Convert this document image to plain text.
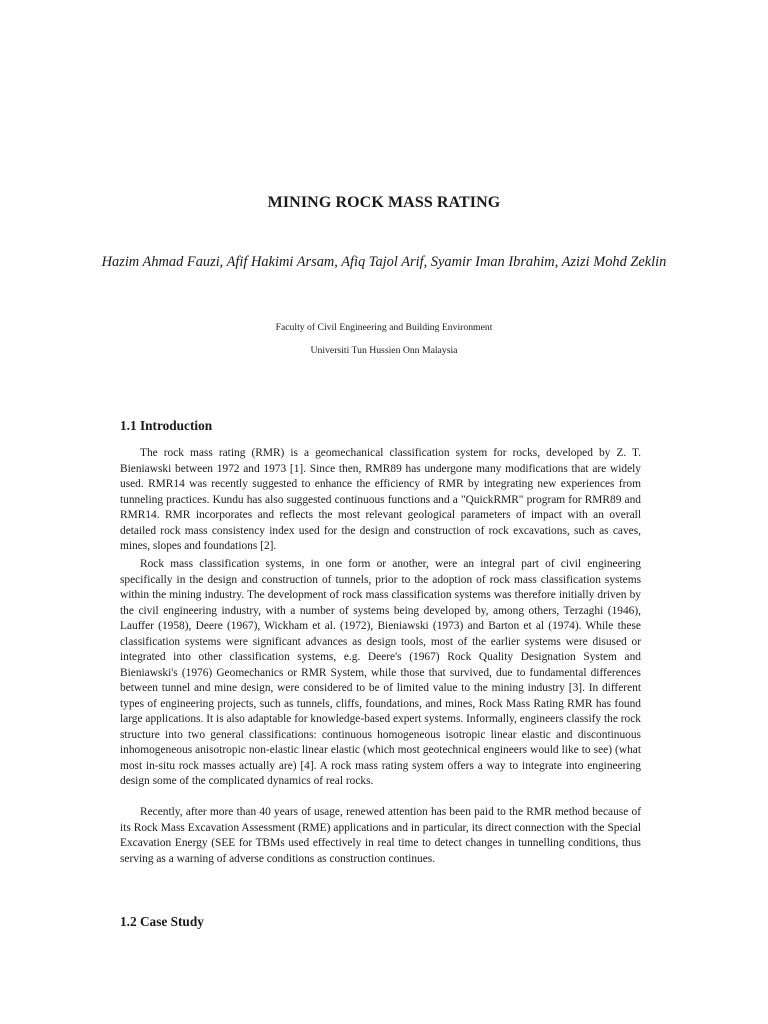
MINING ROCK MASS RATING
Hazim Ahmad Fauzi, Afif Hakimi Arsam, Afiq Tajol Arif, Syamir Iman Ibrahim, Azizi Mohd Zeklin
Faculty of Civil Engineering and Building Environment
Universiti Tun Hussien Onn Malaysia
1.1 Introduction

The rock mass rating (RMR) is a geomechanical classification system for rocks, developed by Z. T. Bieniawski between 1972 and 1973 [1]. Since then, RMR89 has undergone many modifications that are widely used. RMR14 was recently suggested to enhance the efficiency of RMR by integrating new experiences from tunneling practices. Kundu has also suggested continuous functions and a "QuickRMR" program for RMR89 and RMR14. RMR incorporates and reflects the most relevant geological parameters of impact with an overall detailed rock mass consistency index used for the design and construction of rock excavations, such as caves, mines, slopes and foundations [2].

Rock mass classification systems, in one form or another, were an integral part of civil engineering specifically in the design and construction of tunnels, prior to the adoption of rock mass classification systems within the mining industry. The development of rock mass classification systems was therefore initially driven by the civil engineering industry, with a number of systems being developed by, among others, Terzaghi (1946), Lauffer (1958), Deere (1967), Wickham et al. (1972), Bieniawski (1973) and Barton et al (1974). While these classification systems were significant advances as design tools, most of the earlier systems were disused or integrated into other classification systems, e.g. Deere's (1967) Rock Quality Designation System and Bieniawski's (1976) Geomechanics or RMR System, while those that survived, due to fundamental differences between tunnel and mine design, were considered to be of limited value to the mining industry [3]. In different types of engineering projects, such as tunnels, cliffs, foundations, and mines, Rock Mass Rating RMR has found large applications. It is also adaptable for knowledge-based expert systems. Informally, engineers classify the rock structure into two general classifications: continuous homogeneous isotropic linear elastic and discontinuous inhomogeneous anisotropic non-elastic linear elastic (which most geotechnical engineers would like to see) (what most in-situ rock masses actually are) [4]. A rock mass rating system offers a way to integrate into engineering design some of the complicated dynamics of real rocks.

Recently, after more than 40 years of usage, renewed attention has been paid to the RMR method because of its Rock Mass Excavation Assessment (RME) applications and in particular, its direct connection with the Special Excavation Energy (SEE for TBMs used effectively in real time to detect changes in tunnelling conditions, thus serving as a warning of adverse conditions as construction continues.

1.2 Case Study
